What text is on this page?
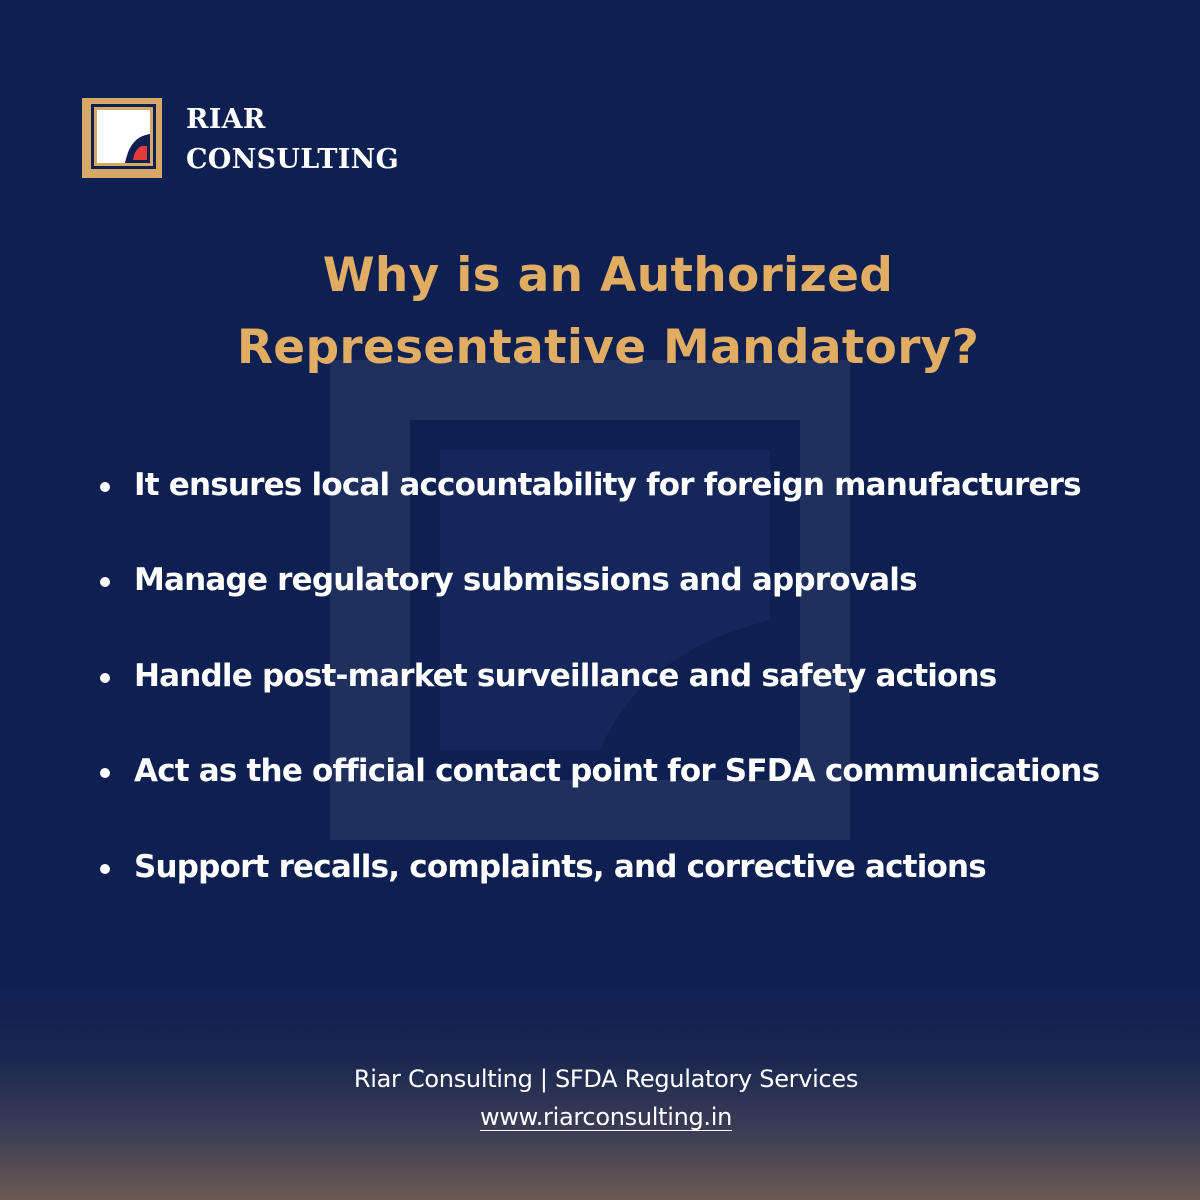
RIAR
CONSULTING
Why is an Authorized
Representative Mandatory?
It ensures local accountability for foreign manufacturers
Manage regulatory submissions and approvals
Handle post-market surveillance and safety actions
Act as the official contact point for SFDA communications
Support recalls, complaints, and corrective actions
Riar Consulting | SFDA Regulatory Services
www.riarconsulting.in
